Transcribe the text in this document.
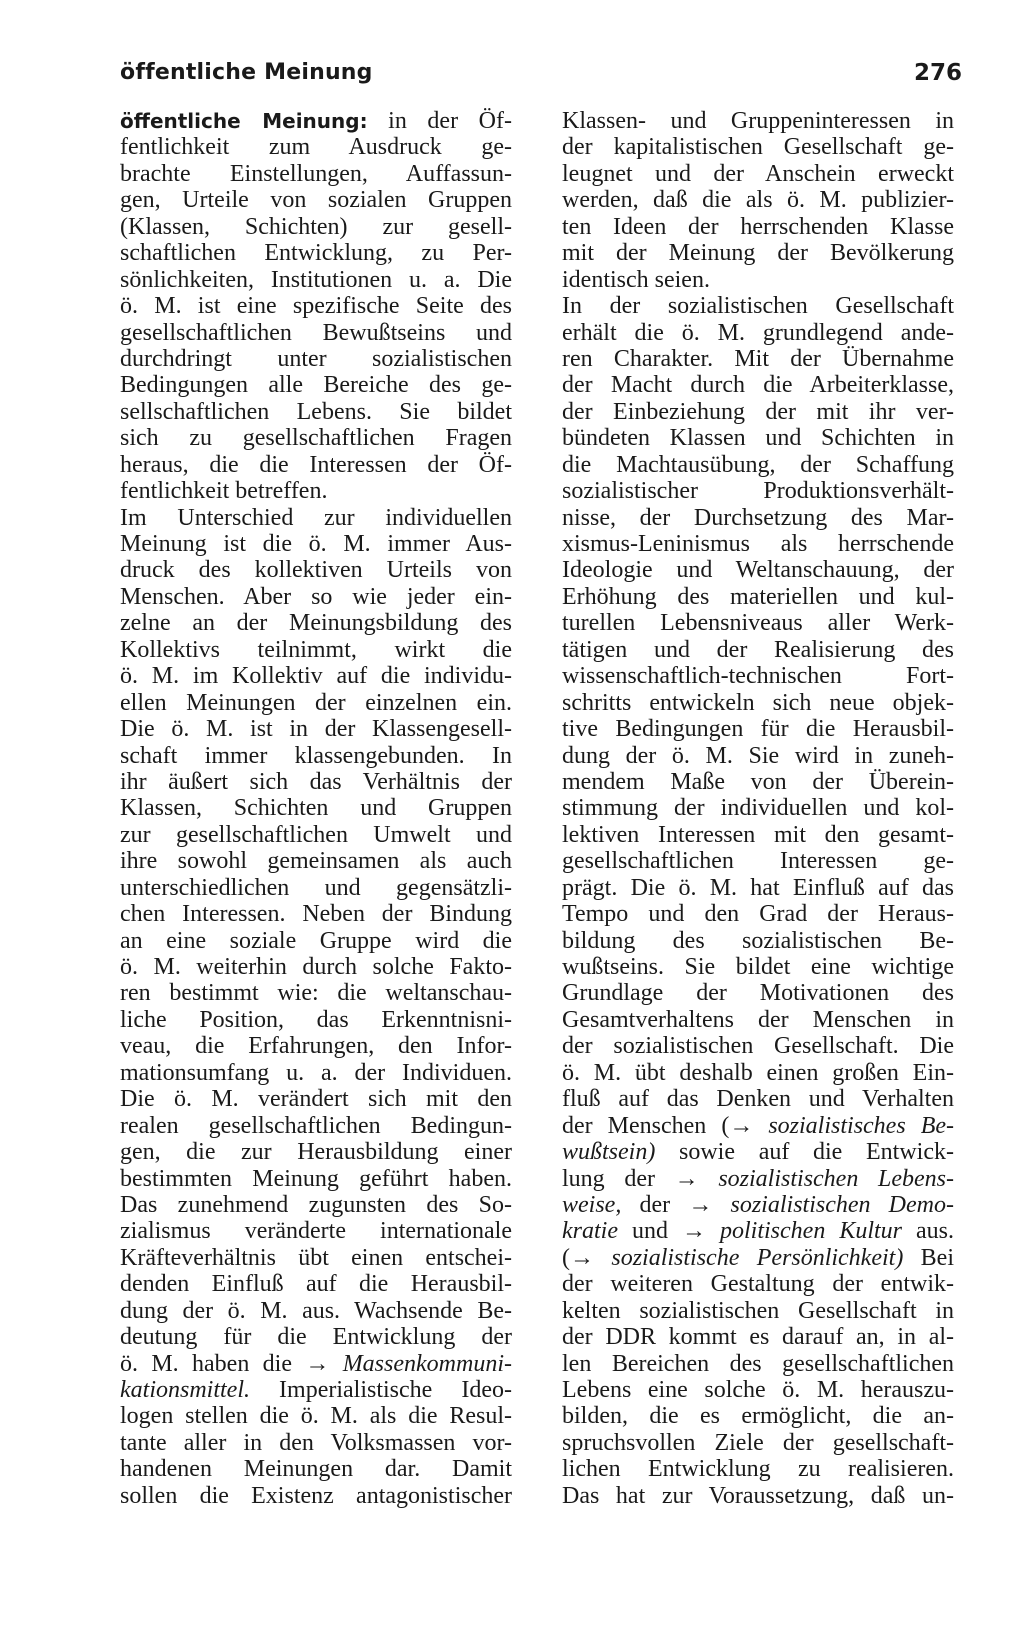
öffentliche Meinung	276
öffentliche Meinung: in der Öf-
fentlichkeit zum Ausdruck ge-
brachte Einstellungen, Auffassun-
gen, Urteile von sozialen Gruppen
(Klassen, Schichten) zur gesell-
schaftlichen Entwicklung, zu Per-
sönlichkeiten, Institutionen u. a. Die
ö. M. ist eine spezifische Seite des
gesellschaftlichen Bewußtseins und
durchdringt unter sozialistischen
Bedingungen alle Bereiche des ge-
sellschaftlichen Lebens. Sie bildet
sich zu gesellschaftlichen Fragen
heraus, die die Interessen der Öf-
fentlichkeit betreffen.
Im Unterschied zur individuellen
Meinung ist die ö. M. immer Aus-
druck des kollektiven Urteils von
Menschen. Aber so wie jeder ein-
zelne an der Meinungsbildung des
Kollektivs teilnimmt, wirkt die
ö. M. im Kollektiv auf die individu-
ellen Meinungen der einzelnen ein.
Die ö. M. ist in der Klassengesell-
schaft immer klassengebunden. In
ihr äußert sich das Verhältnis der
Klassen, Schichten und Gruppen
zur gesellschaftlichen Umwelt und
ihre sowohl gemeinsamen als auch
unterschiedlichen und gegensätzli-
chen Interessen. Neben der Bindung
an eine soziale Gruppe wird die
ö. M. weiterhin durch solche Fakto-
ren bestimmt wie: die weltanschau-
liche Position, das Erkenntnisni-
veau, die Erfahrungen, den Infor-
mationsumfang u. a. der Individuen.
Die ö. M. verändert sich mit den
realen gesellschaftlichen Bedingun-
gen, die zur Herausbildung einer
bestimmten Meinung geführt haben.
Das zunehmend zugunsten des So-
zialismus veränderte internationale
Kräfteverhältnis übt einen entschei-
denden Einfluß auf die Herausbil-
dung der ö. M. aus. Wachsende Be-
deutung für die Entwicklung der
ö. M. haben die → Massenkommuni-
kationsmittel. Imperialistische Ideo-
logen stellen die ö. M. als die Resul-
tante aller in den Volksmassen vor-
handenen Meinungen dar. Damit
sollen die Existenz antagonistischer
Klassen- und Gruppeninteressen in
der kapitalistischen Gesellschaft ge-
leugnet und der Anschein erweckt
werden, daß die als ö. M. publizier-
ten Ideen der herrschenden Klasse
mit der Meinung der Bevölkerung
identisch seien.
In der sozialistischen Gesellschaft
erhält die ö. M. grundlegend ande-
ren Charakter. Mit der Übernahme
der Macht durch die Arbeiterklasse,
der Einbeziehung der mit ihr ver-
bündeten Klassen und Schichten in
die Machtausübung, der Schaffung
sozialistischer Produktionsverhält-
nisse, der Durchsetzung des Mar-
xismus-Leninismus als herrschende
Ideologie und Weltanschauung, der
Erhöhung des materiellen und kul-
turellen Lebensniveaus aller Werk-
tätigen und der Realisierung des
wissenschaftlich-technischen Fort-
schritts entwickeln sich neue objek-
tive Bedingungen für die Herausbil-
dung der ö. M. Sie wird in zuneh-
mendem Maße von der Überein-
stimmung der individuellen und kol-
lektiven Interessen mit den gesamt-
gesellschaftlichen Interessen ge-
prägt. Die ö. M. hat Einfluß auf das
Tempo und den Grad der Heraus-
bildung des sozialistischen Be-
wußtseins. Sie bildet eine wichtige
Grundlage der Motivationen des
Gesamtverhaltens der Menschen in
der sozialistischen Gesellschaft. Die
ö. M. übt deshalb einen großen Ein-
fluß auf das Denken und Verhalten
der Menschen (→ sozialistisches Be-
wußtsein) sowie auf die Entwick-
lung der → sozialistischen Lebens-
weise, der → sozialistischen Demo-
kratie und → politischen Kultur aus.
(→ sozialistische Persönlichkeit) Bei
der weiteren Gestaltung der entwik-
kelten sozialistischen Gesellschaft in
der DDR kommt es darauf an, in al-
len Bereichen des gesellschaftlichen
Lebens eine solche ö. M. herauszu-
bilden, die es ermöglicht, die an-
spruchsvollen Ziele der gesellschaft-
lichen Entwicklung zu realisieren.
Das hat zur Voraussetzung, daß un-
